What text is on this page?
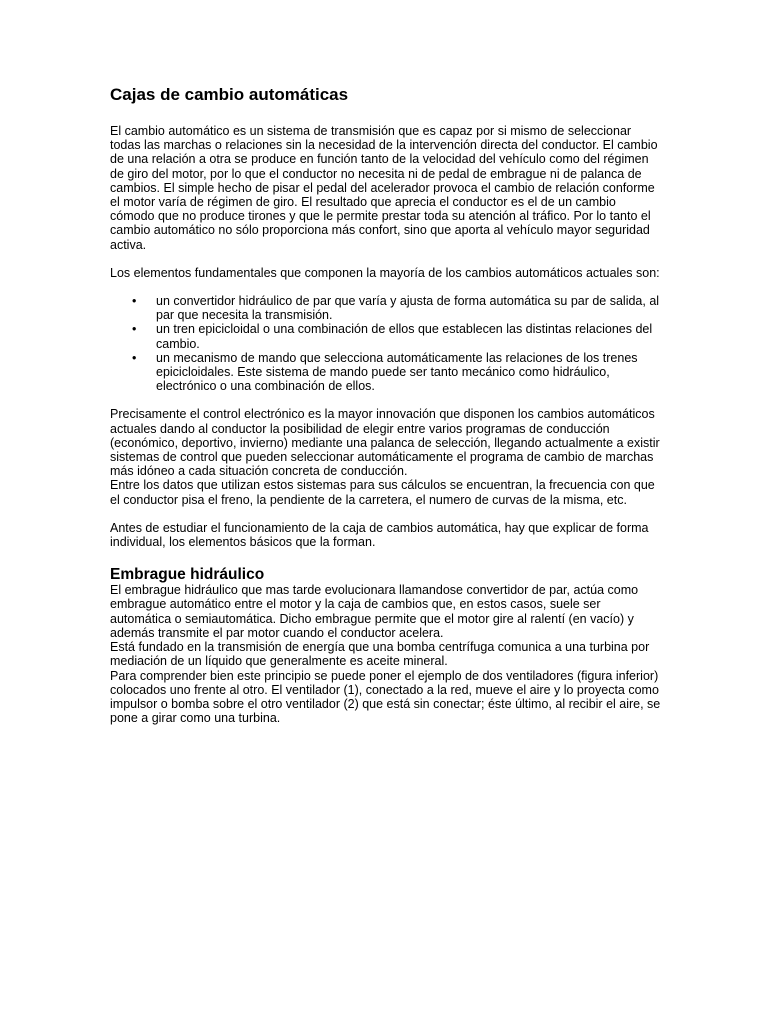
Cajas de cambio automáticas

El cambio automático es un sistema de transmisión que es capaz por si mismo de seleccionar todas las marchas o relaciones sin la necesidad de la intervención directa del conductor. El cambio de una relación a otra se produce en función tanto de la velocidad del vehículo como del régimen de giro del motor, por lo que el conductor no necesita ni de pedal de embrague ni de palanca de cambios. El simple hecho de pisar el pedal del acelerador provoca el cambio de relación conforme el motor varía de régimen de giro. El resultado que aprecia el conductor es el de un cambio cómodo que no produce tirones y que le permite prestar toda su atención al tráfico. Por lo tanto el cambio automático no sólo proporciona más confort, sino que aporta al vehículo mayor seguridad activa.

Los elementos fundamentales que componen la mayoría de los cambios automáticos actuales son:

• un convertidor hidráulico de par que varía y ajusta de forma automática su par de salida, al par que necesita la transmisión.
• un tren epicicloidal o una combinación de ellos que establecen las distintas relaciones del cambio.
• un mecanismo de mando que selecciona automáticamente las relaciones de los trenes epicicloidales. Este sistema de mando puede ser tanto mecánico como hidráulico, electrónico o una combinación de ellos.

Precisamente el control electrónico es la mayor innovación que disponen los cambios automáticos actuales dando al conductor la posibilidad de elegir entre varios programas de conducción (económico, deportivo, invierno) mediante una palanca de selección, llegando actualmente a existir sistemas de control que pueden seleccionar automáticamente el programa de cambio de marchas más idóneo a cada situación concreta de conducción.

Entre los datos que utilizan estos sistemas para sus cálculos se encuentran, la frecuencia con que el conductor pisa el freno, la pendiente de la carretera, el numero de curvas de la misma, etc.

Antes de estudiar el funcionamiento de la caja de cambios automática, hay que explicar de forma individual, los elementos básicos que la forman.

Embrague hidráulico

El embrague hidráulico que mas tarde evolucionara llamandose convertidor de par, actúa como embrague automático entre el motor y la caja de cambios que, en estos casos, suele ser automática o semiautomática. Dicho embrague permite que el motor gire al ralentí (en vacío) y además transmite el par motor cuando el conductor acelera.

Está fundado en la transmisión de energía que una bomba centrífuga comunica a una turbina por mediación de un líquido que generalmente es aceite mineral.

Para comprender bien este principio se puede poner el ejemplo de dos ventiladores (figura inferior) colocados uno frente al otro. El ventilador (1), conectado a la red, mueve el aire y lo proyecta como impulsor o bomba sobre el otro ventilador (2) que está sin conectar; éste último, al recibir el aire, se pone a girar como una turbina.
